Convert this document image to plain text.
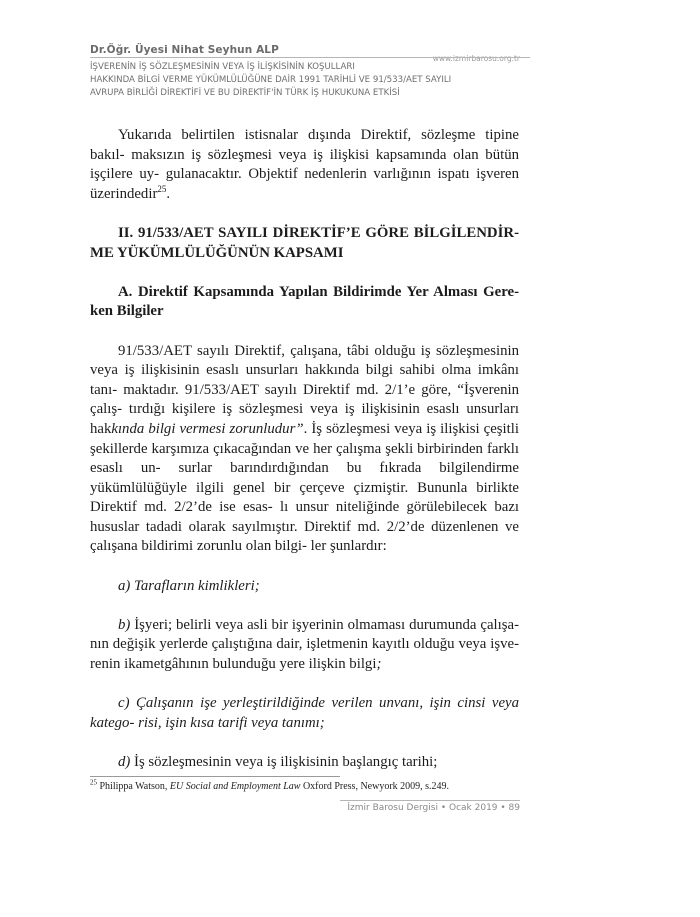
Dr.Öğr. Üyesi Nihat Seyhun ALP
www.izmirbarosu.org.tr
İŞVERENİN İŞ SÖZLEŞMESİNİN VEYA İŞ İLİŞKİSİNİN KOŞULLARI
HAKKINDA BİLGİ VERME YÜKÜMLÜLÜĞÜNE DAİR 1991 TARİHLİ VE 91/533/AET SAYILI
AVRUPA BİRLİĞİ DİREKTİFİ VE BU DİREKTİF'İN TÜRK İŞ HUKUKUNA ETKİSİ

Yukarıda belirtilen istisnalar dışında Direktif, sözleşme tipine bakıl- maksızın iş sözleşmesi veya iş ilişkisi kapsamında olan bütün işçilere uy- gulanacaktır. Objektif nedenlerin varlığının ispatı işveren üzerindedir$^{25}$.

II. 91/533/AET SAYILI DİREKTİF’E GÖRE BİLGİLENDİR- ME YÜKÜMLÜLÜĞÜNÜN KAPSAMI

A. Direktif Kapsamında Yapılan Bildirimde Yer Alması Gere- ken Bilgiler

91/533/AET sayılı Direktif, çalışana, tâbi olduğu iş sözleşmesinin veya iş ilişkisinin esaslı unsurları hakkında bilgi sahibi olma imkânı tanı- maktadır. 91/533/AET sayılı Direktif md. 2/1’e göre, “İşverenin çalış- tırdığı kişilere iş sözleşmesi veya iş ilişkisinin esaslı unsurları hakkında bilgi vermesi zorunludur”. İş sözleşmesi veya iş ilişkisi çeşitli şekillerde karşımıza çıkacağından ve her çalışma şekli birbirinden farklı esaslı un- surlar barındırdığından bu fıkrada bilgilendirme yükümlülüğüyle ilgili genel bir çerçeve çizmiştir. Bununla birlikte Direktif md. 2/2’de ise esas- lı unsur niteliğinde görülebilecek bazı hususlar tadadi olarak sayılmıştır. Direktif md. 2/2’de düzenlenen ve çalışana bildirimi zorunlu olan bilgi- ler şunlardır:

a) Tarafların kimlikleri;

b) İşyeri; belirli veya asli bir işyerinin olmaması durumunda çalışa- nın değişik yerlerde çalıştığına dair, işletmenin kayıtlı olduğu veya işve- renin ikametgâhının bulunduğu yere ilişkin bilgi;

c) Çalışanın işe yerleştirildiğinde verilen unvanı, işin cinsi veya katego- risi, işin kısa tarifi veya tanımı;

d) İş sözleşmesinin veya iş ilişkisinin başlangıç tarihi;

$^{25}$ Philippa Watson, EU Social and Employment Law Oxford Press, Newyork 2009, s.249.
İzmir Barosu Dergisi • Ocak 2019 • 89
